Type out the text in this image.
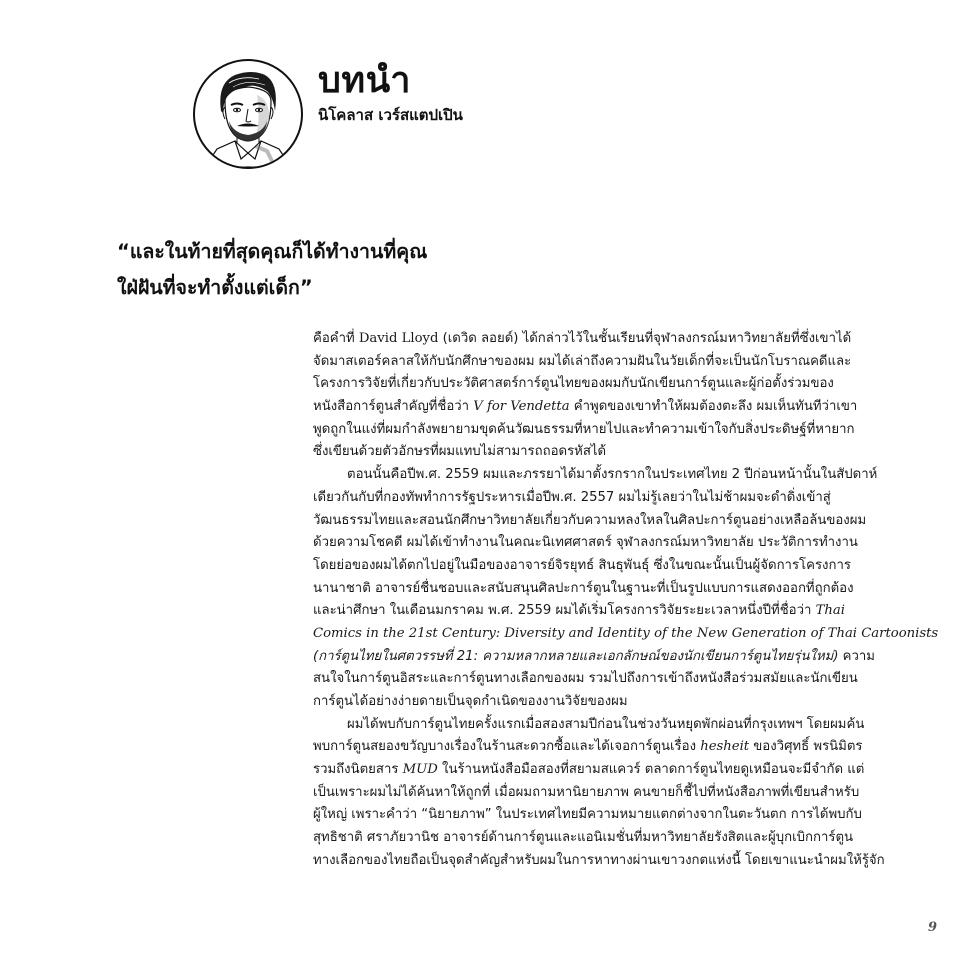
บทนำ
นิโคลาส เวร์สแตปเปิน
“และในท้ายที่สุดคุณก็ได้ทำงานที่คุณ
ใฝ่ฝันที่จะทำตั้งแต่เด็ก”
คือคำที่ David Lloyd (เดวิด ลอยด์) ได้กล่าวไว้ในชั้นเรียนที่จุฬาลงกรณ์มหาวิทยาลัยที่ซึ่งเขาได้
จัดมาสเตอร์คลาสให้กับนักศึกษาของผม ผมได้เล่าถึงความฝันในวัยเด็กที่จะเป็นนักโบราณคดีและ
โครงการวิจัยที่เกี่ยวกับประวัติศาสตร์การ์ตูนไทยของผมกับนักเขียนการ์ตูนและผู้ก่อตั้งร่วมของ
หนังสือการ์ตูนสำคัญที่ชื่อว่า V for Vendetta คำพูดของเขาทำให้ผมต้องตะลึง ผมเห็นทันทีว่าเขา
พูดถูกในแง่ที่ผมกำลังพยายามขุดค้นวัฒนธรรมที่หายไปและทำความเข้าใจกับสิ่งประดิษฐ์ที่หายาก
ซึ่งเขียนด้วยตัวอักษรที่ผมแทบไม่สามารถถอดรหัสได้
ตอนนั้นคือปีพ.ศ. 2559 ผมและภรรยาได้มาตั้งรกรากในประเทศไทย 2 ปีก่อนหน้านั้นในสัปดาห์
เดียวกันกับที่กองทัพทำการรัฐประหารเมื่อปีพ.ศ. 2557 ผมไม่รู้เลยว่าในไม่ช้าผมจะดำดิ่งเข้าสู่
วัฒนธรรมไทยและสอนนักศึกษาวิทยาลัยเกี่ยวกับความหลงใหลในศิลปะการ์ตูนอย่างเหลือล้นของผม
ด้วยความโชคดี ผมได้เข้าทำงานในคณะนิเทศศาสตร์ จุฬาลงกรณ์มหาวิทยาลัย ประวัติการทำงาน
โดยย่อของผมได้ตกไปอยู่ในมือของอาจารย์จิรยุทธ์ สินธุพันธุ์ ซึ่งในขณะนั้นเป็นผู้จัดการโครงการ
นานาชาติ อาจารย์ชื่นชอบและสนับสนุนศิลปะการ์ตูนในฐานะที่เป็นรูปแบบการแสดงออกที่ถูกต้อง
และน่าศึกษา ในเดือนมกราคม พ.ศ. 2559 ผมได้เริ่มโครงการวิจัยระยะเวลาหนึ่งปีที่ชื่อว่า Thai
Comics in the 21st Century: Diversity and Identity of the New Generation of Thai Cartoonists
(การ์ตูนไทยในศตวรรษที่ 21: ความหลากหลายและเอกลักษณ์ของนักเขียนการ์ตูนไทยรุ่นใหม่) ความ
สนใจในการ์ตูนอิสระและการ์ตูนทางเลือกของผม รวมไปถึงการเข้าถึงหนังสือร่วมสมัยและนักเขียน
การ์ตูนได้อย่างง่ายดายเป็นจุดกำเนิดของงานวิจัยของผม
ผมได้พบกับการ์ตูนไทยครั้งแรกเมื่อสองสามปีก่อนในช่วงวันหยุดพักผ่อนที่กรุงเทพฯ โดยผมค้น
พบการ์ตูนสยองขวัญบางเรื่องในร้านสะดวกซื้อและได้เจอการ์ตูนเรื่อง hesheit ของวิศุทธิ์ พรนิมิตร
รวมถึงนิตยสาร MUD ในร้านหนังสือมือสองที่สยามสแควร์ ตลาดการ์ตูนไทยดูเหมือนจะมีจำกัด แต่
เป็นเพราะผมไม่ได้ค้นหาให้ถูกที่ เมื่อผมถามหานิยายภาพ คนขายก็ชี้ไปที่หนังสือภาพที่เขียนสำหรับ
ผู้ใหญ่ เพราะคำว่า “นิยายภาพ” ในประเทศไทยมีความหมายแตกต่างจากในตะวันตก การได้พบกับ
สุทธิชาติ ศราภัยวานิช อาจารย์ด้านการ์ตูนและแอนิเมชั่นที่มหาวิทยาลัยรังสิตและผู้บุกเบิกการ์ตูน
ทางเลือกของไทยถือเป็นจุดสำคัญสำหรับผมในการหาทางผ่านเขาวงกตแห่งนี้ โดยเขาแนะนำผมให้รู้จัก
9
